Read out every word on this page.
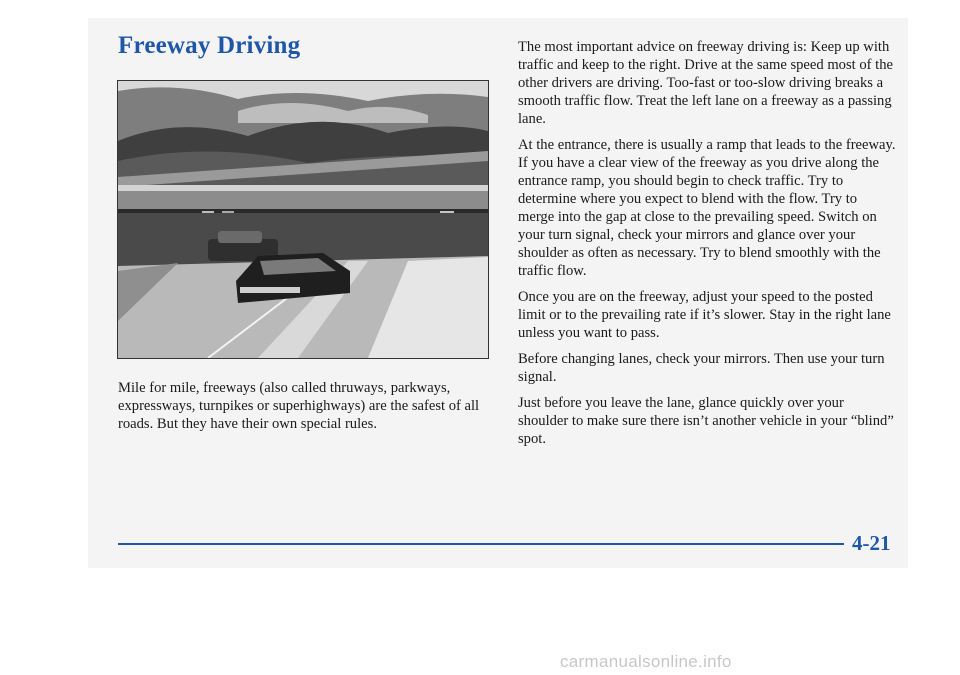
Freeway Driving

Mile for mile, freeways (also called thruways, parkways, expressways, turnpikes or superhighways) are the safest of all roads. But they have their own special rules.

The most important advice on freeway driving is: Keep up with traffic and keep to the right. Drive at the same speed most of the other drivers are driving. Too-fast or too-slow driving breaks a smooth traffic flow. Treat the left lane on a freeway as a passing lane.

At the entrance, there is usually a ramp that leads to the freeway. If you have a clear view of the freeway as you drive along the entrance ramp, you should begin to check traffic. Try to determine where you expect to blend with the flow. Try to merge into the gap at close to the prevailing speed. Switch on your turn signal, check your mirrors and glance over your shoulder as often as necessary. Try to blend smoothly with the traffic flow.

Once you are on the freeway, adjust your speed to the posted limit or to the prevailing rate if it’s slower. Stay in the right lane unless you want to pass.

Before changing lanes, check your mirrors. Then use your turn signal.

Just before you leave the lane, glance quickly over your shoulder to make sure there isn’t another vehicle in your “blind” spot.

4-21
carmanualsonline.info
